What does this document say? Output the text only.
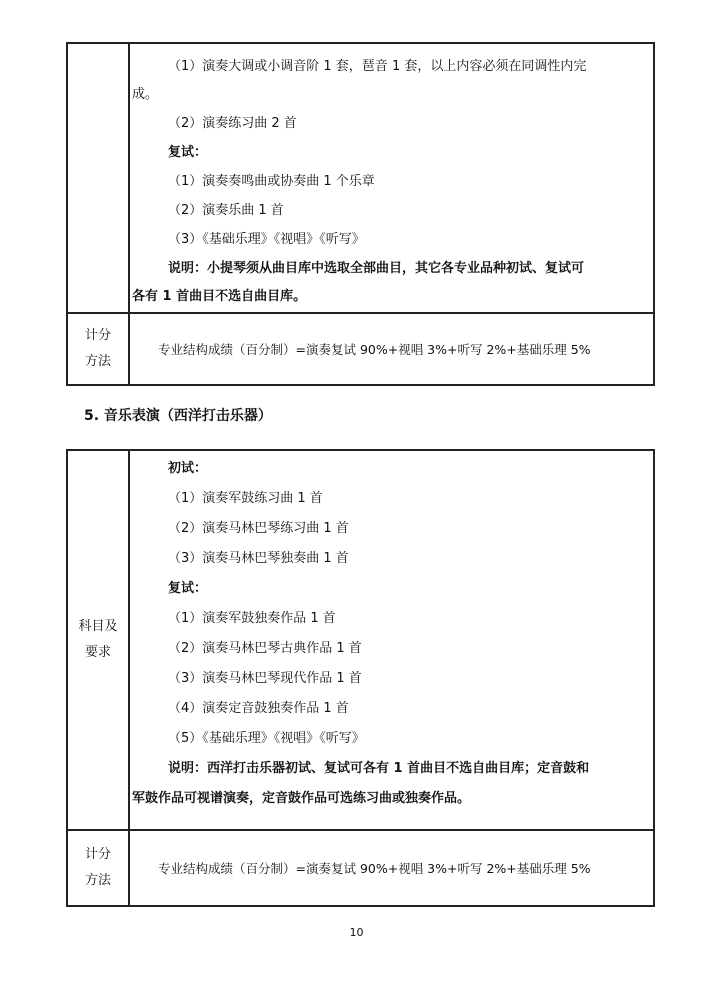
（1）演奏大调或小调音阶 1 套，琶音 1 套，以上内容必须在同调性内完
成。
（2）演奏练习曲 2 首
复试：
（1）演奏奏鸣曲或协奏曲 1 个乐章
（2）演奏乐曲 1 首
（3）《基础乐理》《视唱》《听写》
说明：小提琴须从曲目库中选取全部曲目，其它各专业品种初试、复试可
各有 1 首曲目不选自曲目库。
计分
方法
专业结构成绩（百分制）=演奏复试 90%+视唱 3%+听写 2%+基础乐理 5%
5. 音乐表演（西洋打击乐器）
科目及
要求
初试：
（1）演奏军鼓练习曲 1 首
（2）演奏马林巴琴练习曲 1 首
（3）演奏马林巴琴独奏曲 1 首
复试：
（1）演奏军鼓独奏作品 1 首
（2）演奏马林巴琴古典作品 1 首
（3）演奏马林巴琴现代作品 1 首
（4）演奏定音鼓独奏作品 1 首
（5）《基础乐理》《视唱》《听写》
说明：西洋打击乐器初试、复试可各有 1 首曲目不选自曲目库；定音鼓和
军鼓作品可视谱演奏，定音鼓作品可选练习曲或独奏作品。
计分
方法
专业结构成绩（百分制）=演奏复试 90%+视唱 3%+听写 2%+基础乐理 5%
10
